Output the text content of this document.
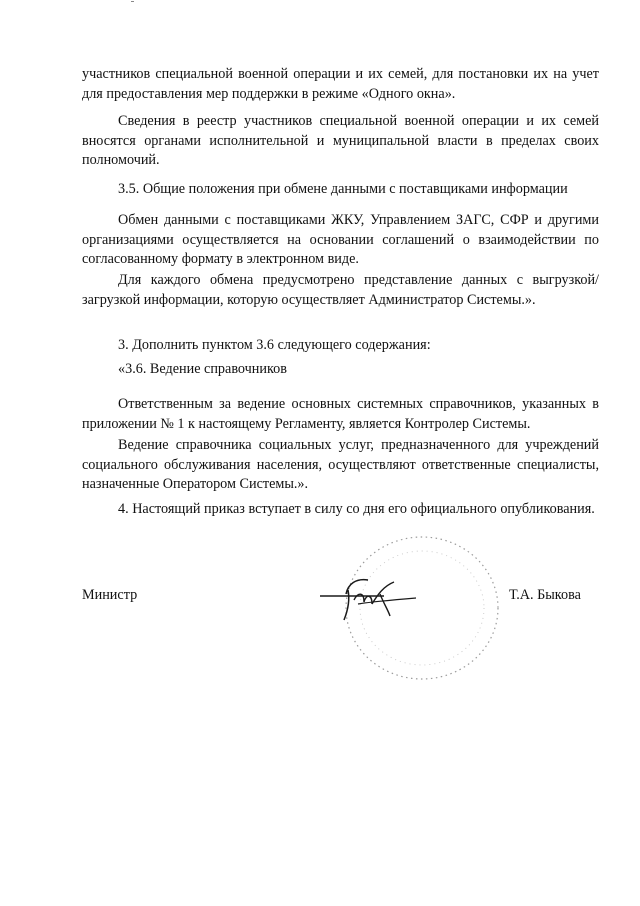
участников специальной военной операции и их семей, для постановки их на учет для предоставления мер поддержки в режиме «Одного окна».

Сведения в реестр участников специальной военной операции и их семей вносятся органами исполнительной и муниципальной власти в пределах своих полномочий.

3.5. Общие положения при обмене данными с поставщиками информации

Обмен данными с поставщиками ЖКУ, Управлением ЗАГС, СФР и другими организациями осуществляется на основании соглашений о взаимодействии по согласованному формату в электронном виде.

Для каждого обмена предусмотрено представление данных с выгрузкой/загрузкой информации, которую осуществляет Администратор Системы.».

3. Дополнить пунктом 3.6 следующего содержания:

«3.6. Ведение справочников

Ответственным за ведение основных системных справочников, указанных в приложении № 1 к настоящему Регламенту, является Контролер Системы.

Ведение справочника социальных услуг, предназначенного для учреждений социального обслуживания населения, осуществляют ответственные специалисты, назначенные Оператором Системы.».

4. Настоящий приказ вступает в силу со дня его официального опубликования.

Министр	Т.А. Быкова
